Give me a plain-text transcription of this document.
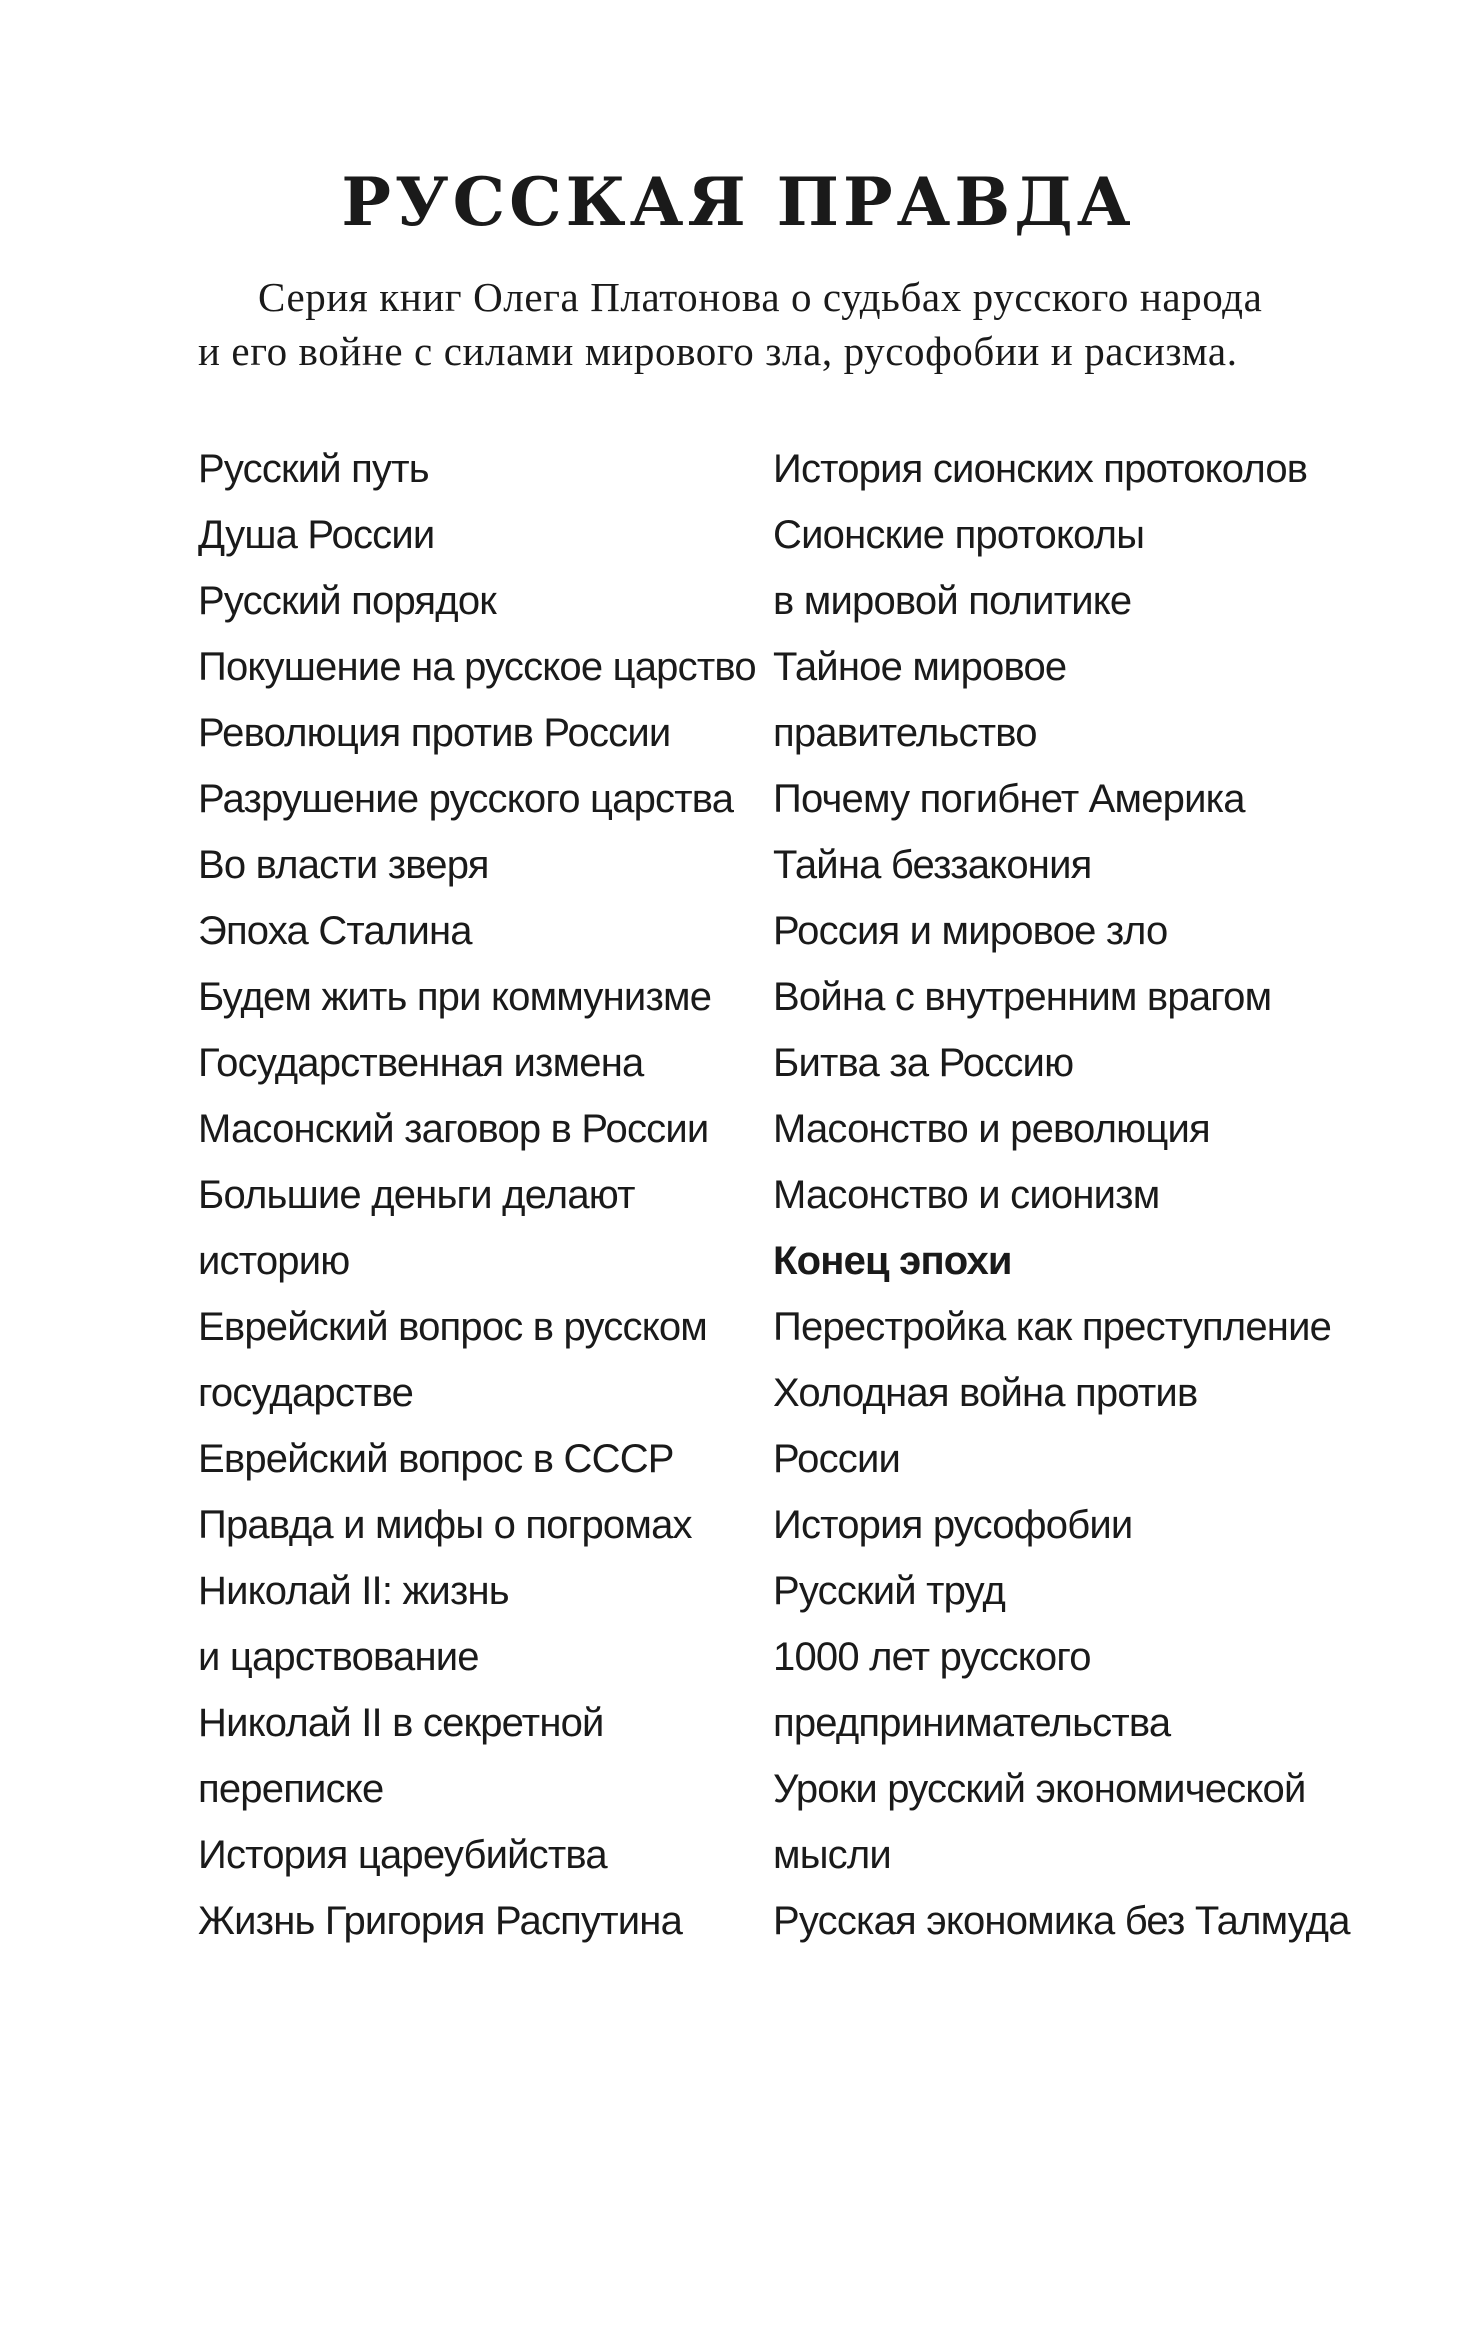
РУССКАЯ ПРАВДА

Серия книг Олега Платонова о судьбах русского народа
и его войне с силами мирового зла, русофобии и расизма.

Русский путь
Душа России
Русский порядок
Покушение на русское царство
Революция против России
Разрушение русского царства
Во власти зверя
Эпоха Сталина
Будем жить при коммунизме
Государственная измена
Масонский заговор в России
Большие деньги делают
историю
Еврейский вопрос в русском
государстве
Еврейский вопрос в СССР
Правда и мифы о погромах
Николай II: жизнь
и царствование
Николай II в секретной
переписке
История цареубийства
Жизнь Григория Распутина
История сионских протоколов
Сионские протоколы
в мировой политике
Тайное мировое
правительство
Почему погибнет Америка
Тайна беззакония
Россия и мировое зло
Война с внутренним врагом
Битва за Россию
Масонство и революция
Масонство и сионизм
Конец эпохи
Перестройка как преступление
Холодная война против
России
История русофобии
Русский труд
1000 лет русского
предпринимательства
Уроки русский экономической
мысли
Русская экономика без Талмуда
